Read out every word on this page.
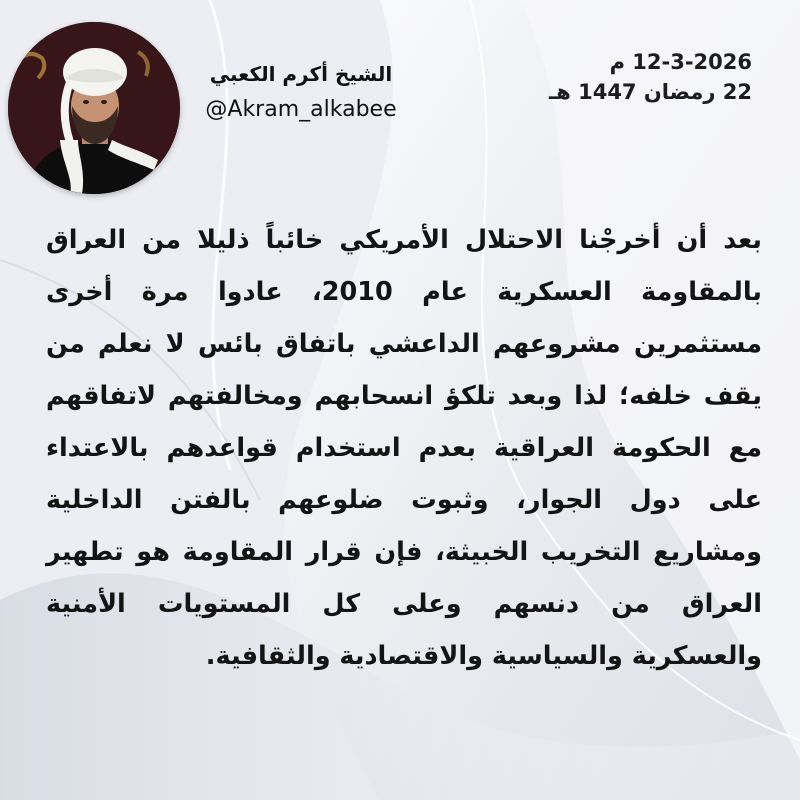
الشيخ أكرم الكعبي
@Akram_alkabee
12-3-2026 م
22 رمضان 1447 هـ

بعد أن أخرجْنا الاحتلال الأمريكي خائباً ذليلا من العراق بالمقاومة العسكرية عام 2010، عادوا مرة أخرى مستثمرين مشروعهم الداعشي باتفاق بائس لا نعلم من يقف خلفه؛ لذا وبعد تلكؤ انسحابهم ومخالفتهم لاتفاقهم مع الحكومة العراقية بعدم استخدام قواعدهم بالاعتداء على دول الجوار، وثبوت ضلوعهم بالفتن الداخلية ومشاريع التخريب الخبيثة، فإن قرار المقاومة هو تطهير العراق من دنسهم وعلى كل المستويات الأمنية والعسكرية والسياسية والاقتصادية والثقافية.
